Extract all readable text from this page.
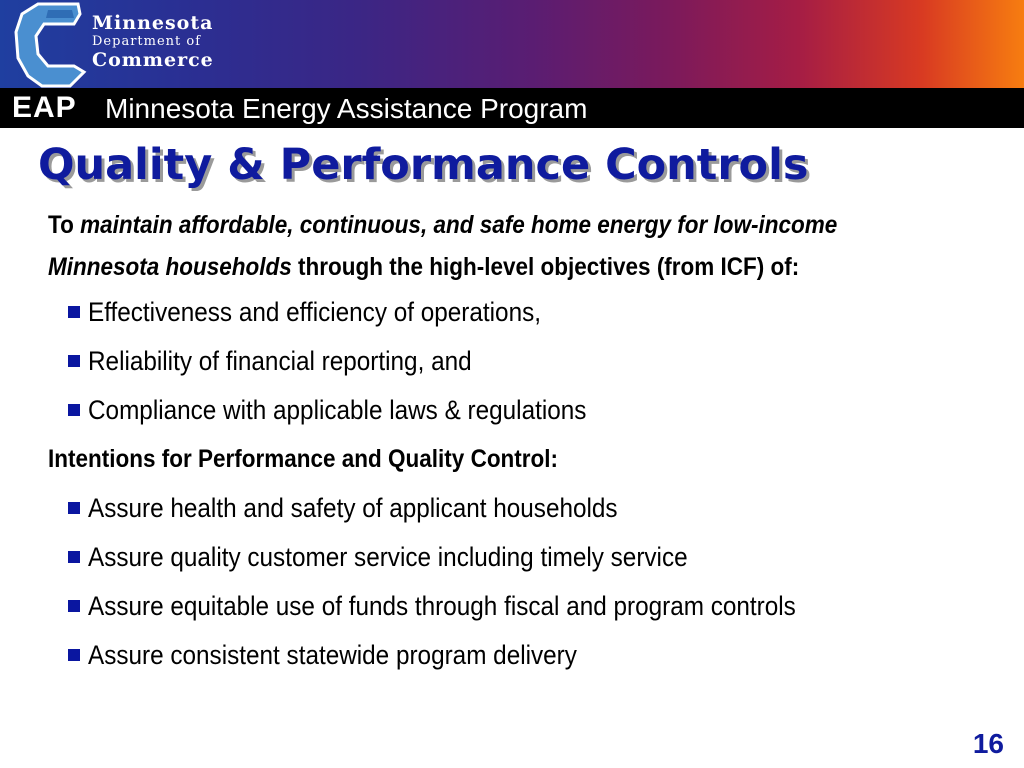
Minnesota
Department of
Commerce
EAP Minnesota Energy Assistance Program
Quality & Performance Controls

To maintain affordable, continuous, and safe home energy for low-income Minnesota households through the high-level objectives (from ICF) of:

Effectiveness and efficiency of operations,
Reliability of financial reporting, and
Compliance with applicable laws & regulations

Intentions for Performance and Quality Control:

Assure health and safety of applicant households
Assure quality customer service including timely service
Assure equitable use of funds through fiscal and program controls
Assure consistent statewide program delivery
16
